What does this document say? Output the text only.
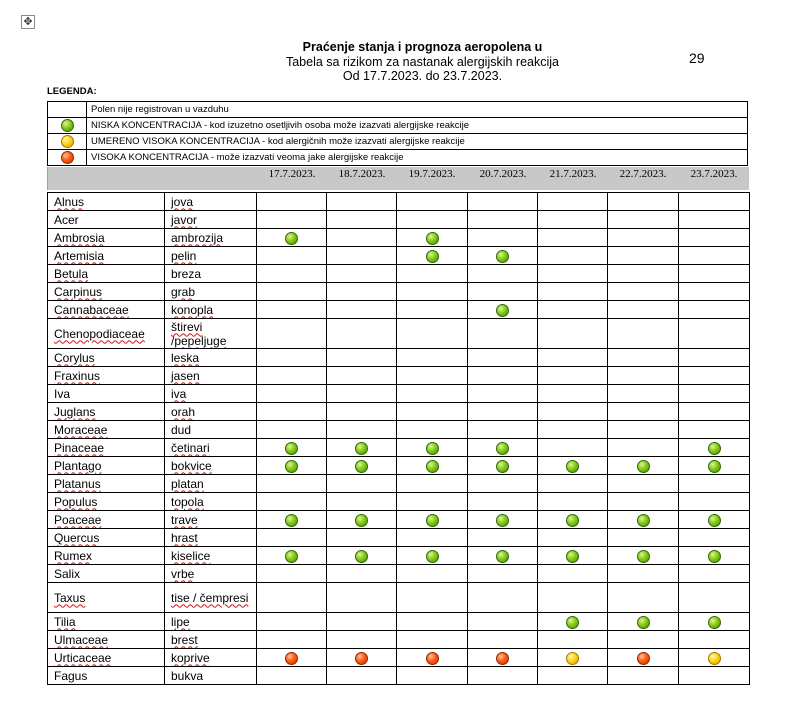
✥
Praćenje stanja i prognoza aeropolena u
Tabela sa rizikom za nastanak alergijskih reakcija
Od 17.7.2023. do 23.7.2023.
29
LEGENDA:
	Polen nije registrovan u vazduhu
	NISKA KONCENTRACIJA - kod izuzetno osetljivih osoba može izazvati alergijske reakcije
	UMERENO VISOKA KONCENTRACIJA - kod alergičnih može izazvati alergijske reakcije
	VISOKA KONCENTRACIJA - može izazvati veoma jake alergijske reakcije
17.7.2023.	18.7.2023.	19.7.2023.	20.7.2023.	21.7.2023.	22.7.2023.	23.7.2023.
Alnus	jova							
Acer	javor							
Ambrosia	ambrozija							
Artemisia	pelin							
Betula	breza							
Carpinus	grab							
Cannabaceae	konopla							
Chenopodiaceae	štirevi /pepeljuge							
Corylus	leska							
Fraxinus	jasen							
Iva	iva							
Juglans	orah							
Moraceae	dud							
Pinaceae	četinari							
Plantago	bokvice							
Platanus	platan							
Populus	topola							
Poaceae	trave							
Quercus	hrast							
Rumex	kiselice							
Salix	vrbe							
Taxus	tise / čempresi							
Tilia	lipe							
Ulmaceae	brest							
Urticaceae	koprive							
Fagus	bukva							
